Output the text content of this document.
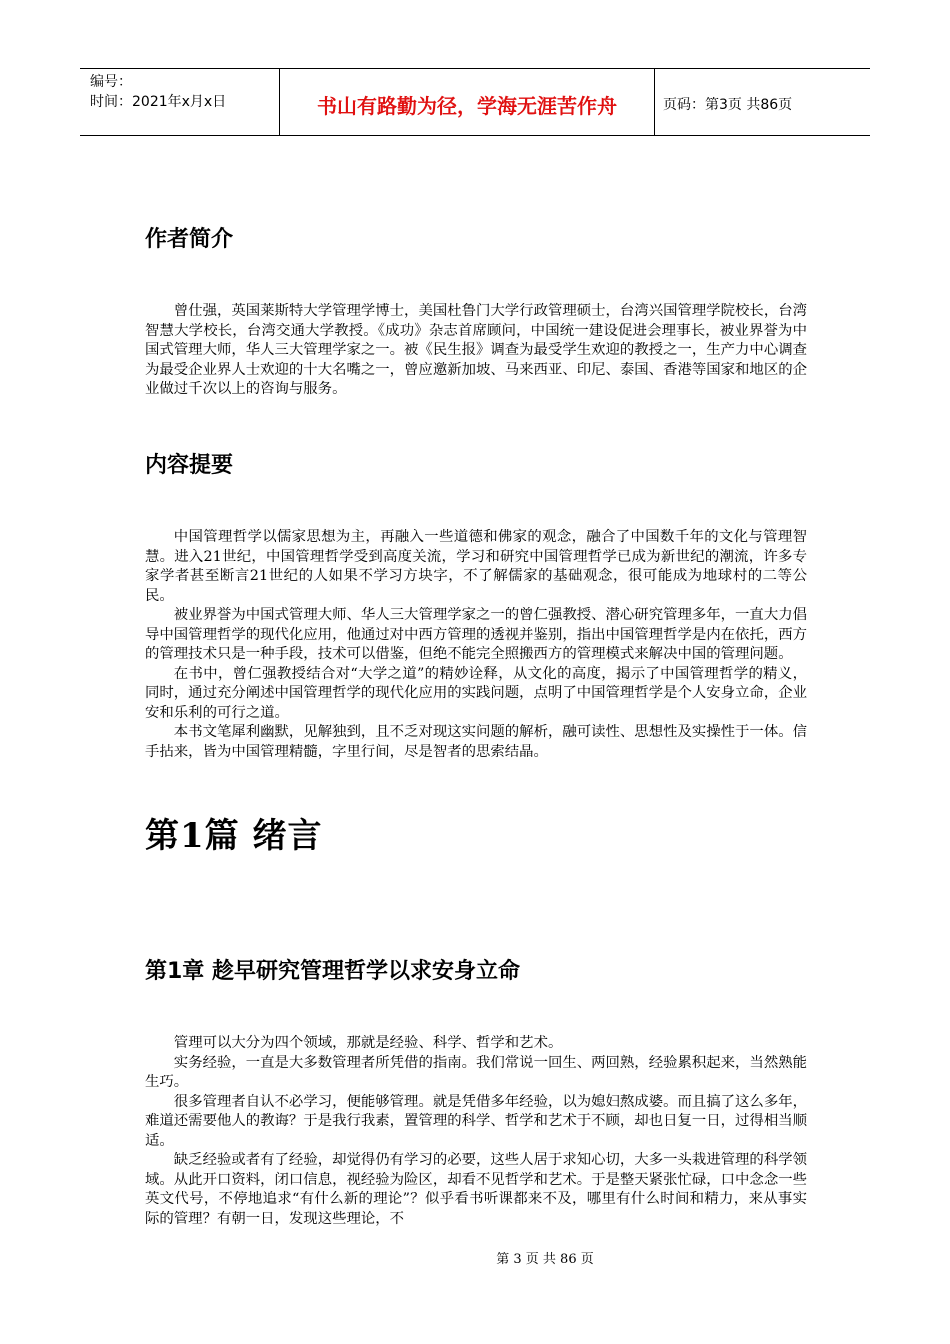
编号：
时间：2021年x月x日	书山有路勤为径，学海无涯苦作舟	页码：第3页 共86页
作者简介

曾仕强，英国莱斯特大学管理学博士，美国杜鲁门大学行政管理硕士，台湾兴国管理学院校长，台湾智慧大学校长，台湾交通大学教授。《成功》杂志首席顾问，中国统一建设促进会理事长，被业界誉为中国式管理大师，华人三大管理学家之一。被《民生报》调查为最受学生欢迎的教授之一，生产力中心调查为最受企业界人士欢迎的十大名嘴之一，曾应邀新加坡、马来西亚、印尼、泰国、香港等国家和地区的企业做过千次以上的咨询与服务。

内容提要

中国管理哲学以儒家思想为主，再融入一些道德和佛家的观念，融合了中国数千年的文化与管理智慧。进入21世纪，中国管理哲学受到高度关流，学习和研究中国管理哲学已成为新世纪的潮流，许多专家学者甚至断言21世纪的人如果不学习方块字，不了解儒家的基础观念，很可能成为地球村的二等公民。

被业界誉为中国式管理大师、华人三大管理学家之一的曾仁强教授、潜心研究管理多年，一直大力倡导中国管理哲学的现代化应用，他通过对中西方管理的透视并鉴别，指出中国管理哲学是内在依托，西方的管理技术只是一种手段，技术可以借鉴，但绝不能完全照搬西方的管理模式来解决中国的管理问题。

在书中，曾仁强教授结合对“大学之道”的精妙诠释，从文化的高度，揭示了中国管理哲学的精义，同时，通过充分阐述中国管理哲学的现代化应用的实践问题，点明了中国管理哲学是个人安身立命，企业安和乐利的可行之道。

本书文笔犀利幽默，见解独到，且不乏对现这实问题的解析，融可读性、思想性及实操性于一体。信手拈来，皆为中国管理精髓，字里行间，尽是智者的思索结晶。

第1篇 绪言
第1章 趁早研究管理哲学以求安身立命

管理可以大分为四个领域，那就是经验、科学、哲学和艺术。

实务经验，一直是大多数管理者所凭借的指南。我们常说一回生、两回熟，经验累积起来，当然熟能生巧。

很多管理者自认不必学习，便能够管理。就是凭借多年经验，以为媳妇熬成婆。而且搞了这么多年，难道还需要他人的教诲？于是我行我素，置管理的科学、哲学和艺术于不顾，却也日复一日，过得相当顺适。

缺乏经验或者有了经验，却觉得仍有学习的必要，这些人居于求知心切，大多一头栽进管理的科学领域。从此开口资料，闭口信息，视经验为险区，却看不见哲学和艺术。于是整天紧张忙碌，口中念念一些英文代号，不停地追求“有什么新的理论”？似乎看书听课都来不及，哪里有什么时间和精力，来从事实际的管理？有朝一日，发现这些理论，不

第 3 页 共 86 页
